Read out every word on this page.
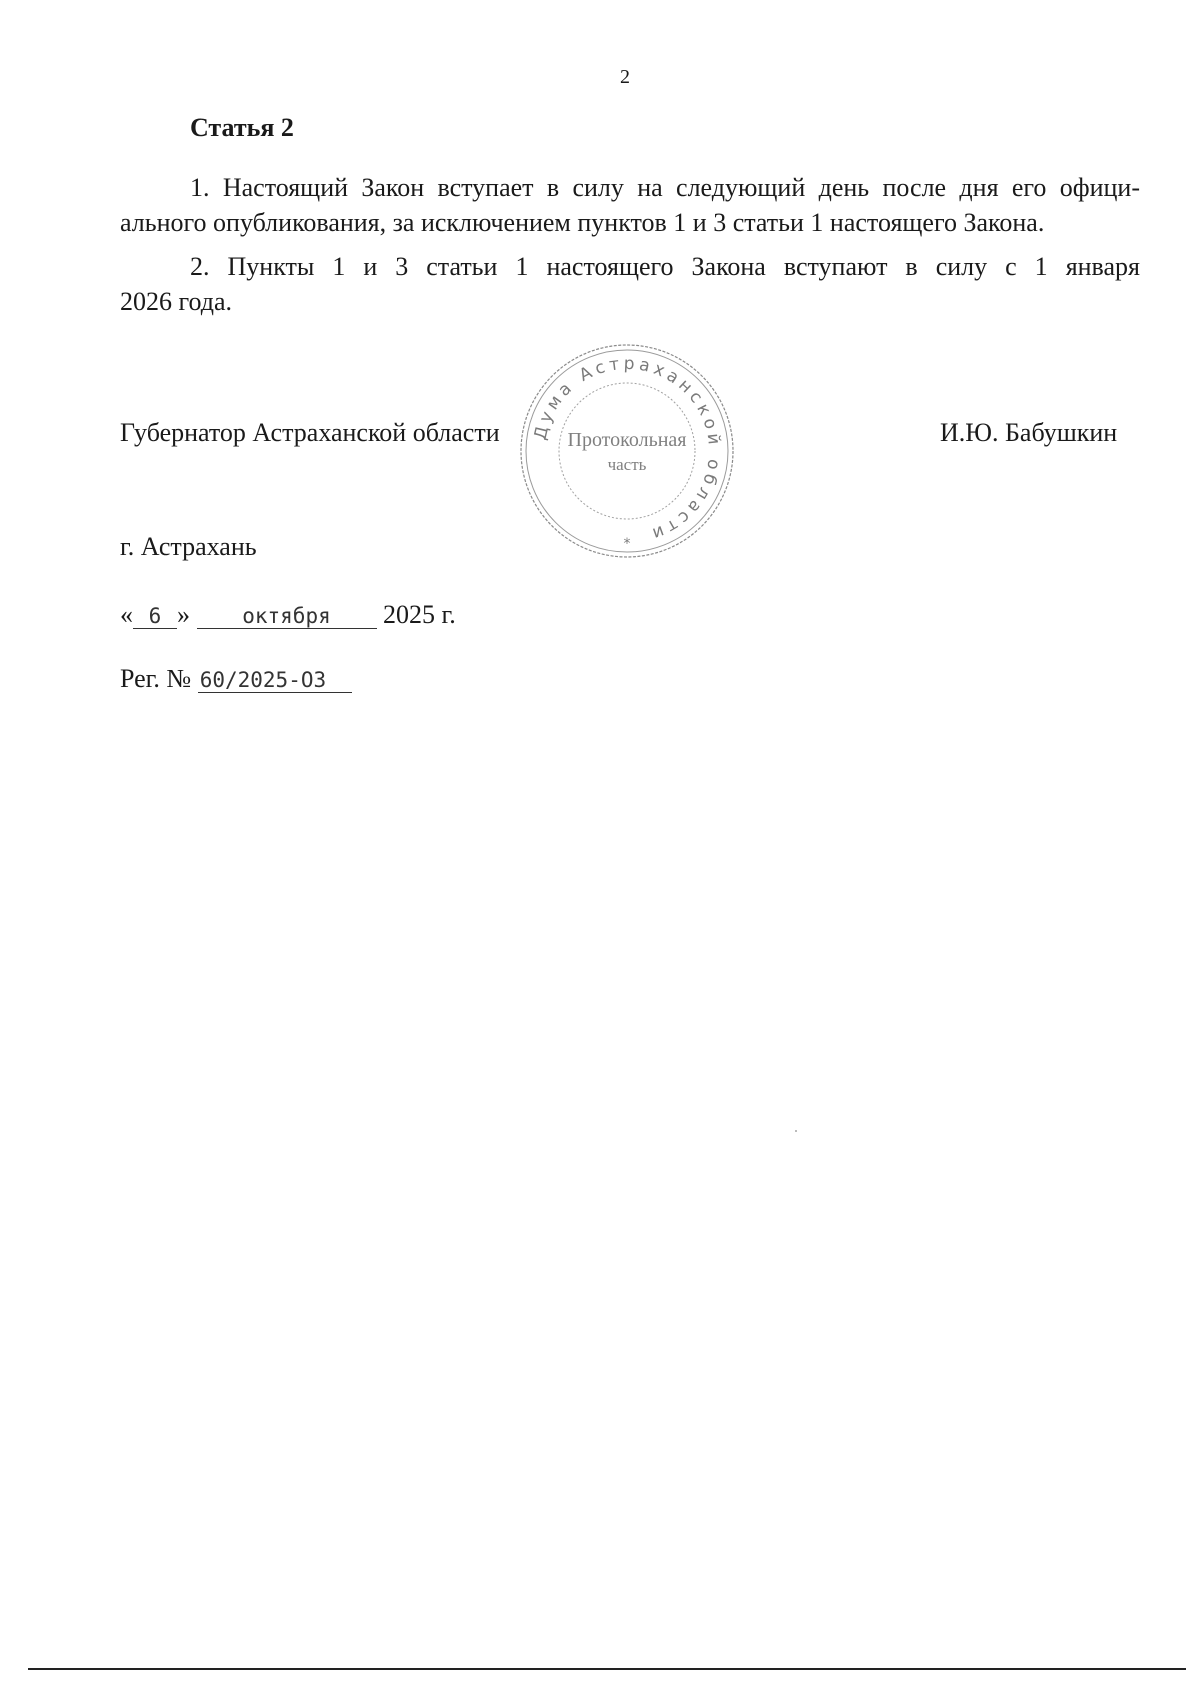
2
Статья 2
1. Настоящий Закон вступает в силу на следующий день после дня его офици-
ального опубликования, за исключением пунктов 1 и 3 статьи 1 настоящего Закона.
2. Пункты 1 и 3 статьи 1 настоящего Закона вступают в силу с 1 января
2026 года.
Дума Астраханской области
Протокольная
часть
*
Губернатор Астраханской области	И.Ю. Бабушкин
г. Астрахань
« 6 » октября 2025 г.
Рег. № 60/2025-ОЗ
